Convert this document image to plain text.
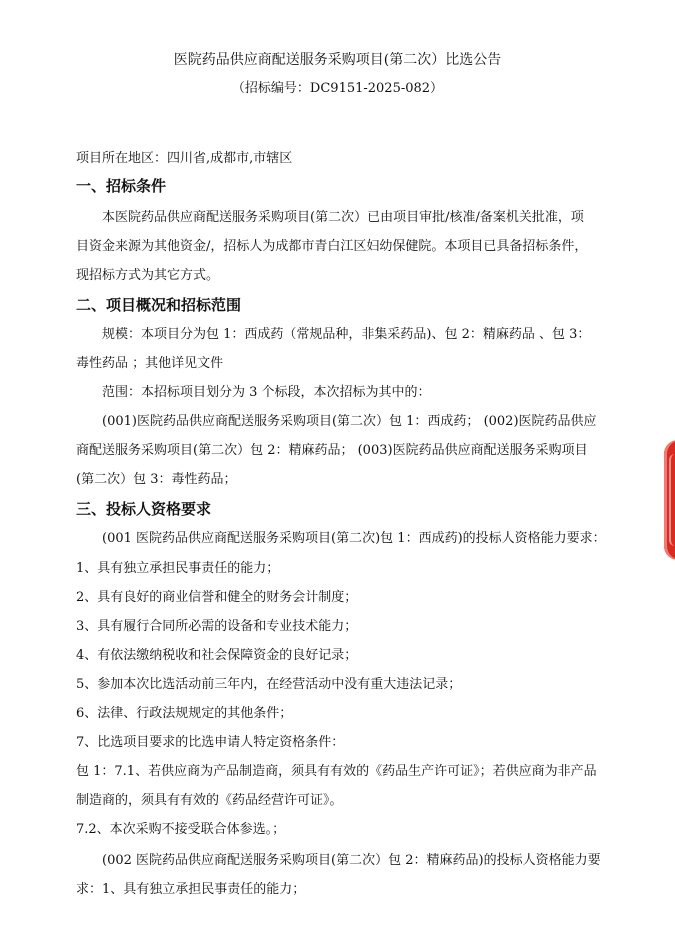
医院药品供应商配送服务采购项目(第二次）比选公告
（招标编号：DC9151-2025-082）
项目所在地区：四川省,成都市,市辖区
一、招标条件
本医院药品供应商配送服务采购项目(第二次）已由项目审批/核准/备案机关批准，项
目资金来源为其他资金/，招标人为成都市青白江区妇幼保健院。本项目已具备招标条件，
现招标方式为其它方式。
二、项目概况和招标范围
规模：本项目分为包 1：西成药（常规品种，非集采药品)、包 2：精麻药品 、包 3：
毒性药品 ；其他详见文件
范围：本招标项目划分为 3 个标段，本次招标为其中的：
(001)医院药品供应商配送服务采购项目(第二次）包 1：西成药； (002)医院药品供应
商配送服务采购项目(第二次）包 2：精麻药品； (003)医院药品供应商配送服务采购项目
(第二次）包 3：毒性药品；
三、投标人资格要求
(001 医院药品供应商配送服务采购项目(第二次)包 1：西成药)的投标人资格能力要求：
1、具有独立承担民事责任的能力；
2、具有良好的商业信誉和健全的财务会计制度；
3、具有履行合同所必需的设备和专业技术能力；
4、有依法缴纳税收和社会保障资金的良好记录；
5、参加本次比选活动前三年内，在经营活动中没有重大违法记录；
6、法律、行政法规规定的其他条件；
7、比选项目要求的比选申请人特定资格条件：
包 1：7.1、若供应商为产品制造商，须具有有效的《药品生产许可证》；若供应商为非产品
制造商的，须具有有效的《药品经营许可证》。
7.2、本次采购不接受联合体参选。；
(002 医院药品供应商配送服务采购项目(第二次）包 2：精麻药品)的投标人资格能力要
求：1、具有独立承担民事责任的能力；
